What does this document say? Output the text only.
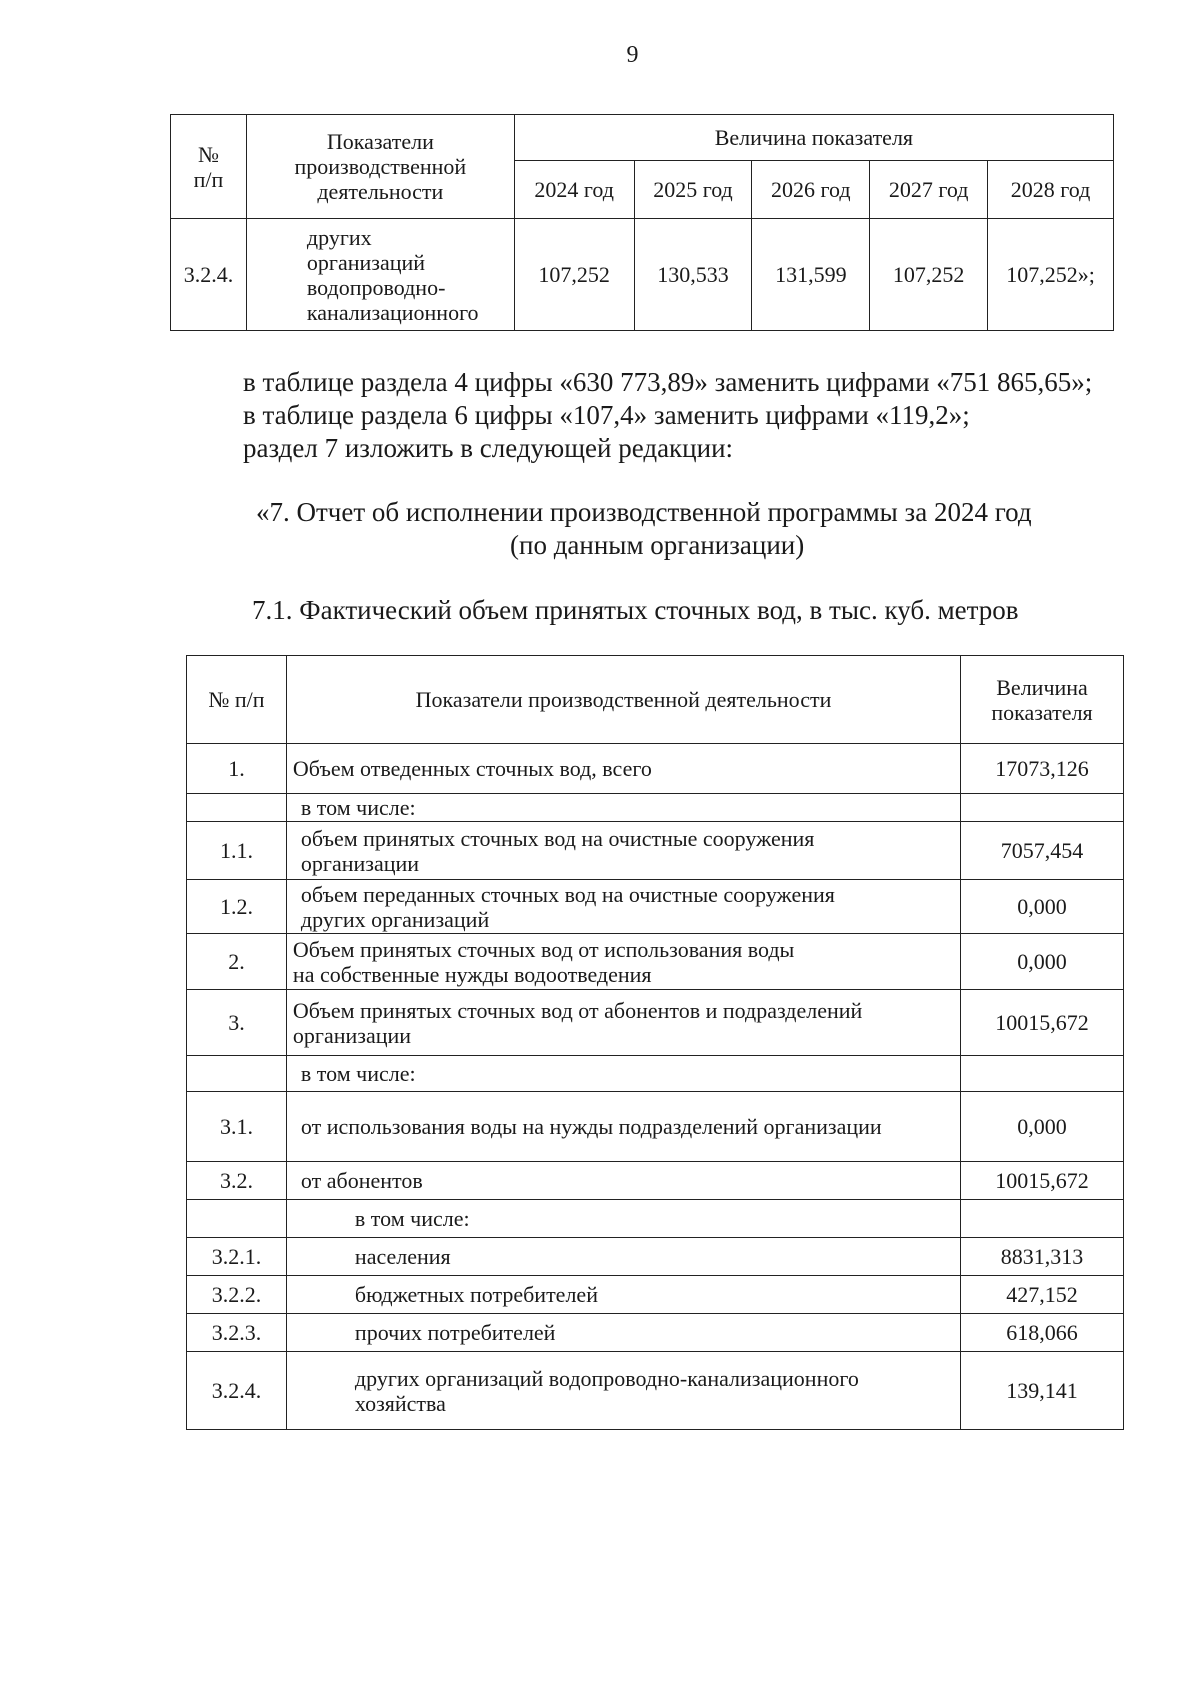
9
№
п/п	Показатели
производственной
деятельности	Величина показателя				
		2024 год	2025 год	2026 год	2027 год	2028 год
3.2.4.	других
организаций
водопроводно-
канализационного	107,252	130,533	131,599	107,252	107,252»;
в таблице раздела 4 цифры «630 773,89» заменить цифрами «751 865,65»;
в таблице раздела 6 цифры «107,4» заменить цифрами «119,2»;
раздел 7 изложить в следующей редакции:
«7. Отчет об исполнении производственной программы за 2024 год
(по данным организации)
7.1. Фактический объем принятых сточных вод, в тыс. куб. метров
№ п/п	Показатели производственной деятельности	Величина
показателя
1.	Объем отведенных сточных вод, всего	17073,126
	в том числе:	
1.1.	объем принятых сточных вод на очистные сооружения
организации	7057,454
1.2.	объем переданных сточных вод на очистные сооружения
других организаций	0,000
2.	Объем принятых сточных вод от использования воды
на собственные нужды водоотведения	0,000
3.	Объем принятых сточных вод от абонентов и подразделений
организации	10015,672
	в том числе:	
3.1.	от использования воды на нужды подразделений организации	0,000
3.2.	от абонентов	10015,672
	в том числе:	
3.2.1.	населения	8831,313
3.2.2.	бюджетных потребителей	427,152
3.2.3.	прочих потребителей	618,066
3.2.4.	других организаций водопроводно-канализационного
хозяйства	139,141
